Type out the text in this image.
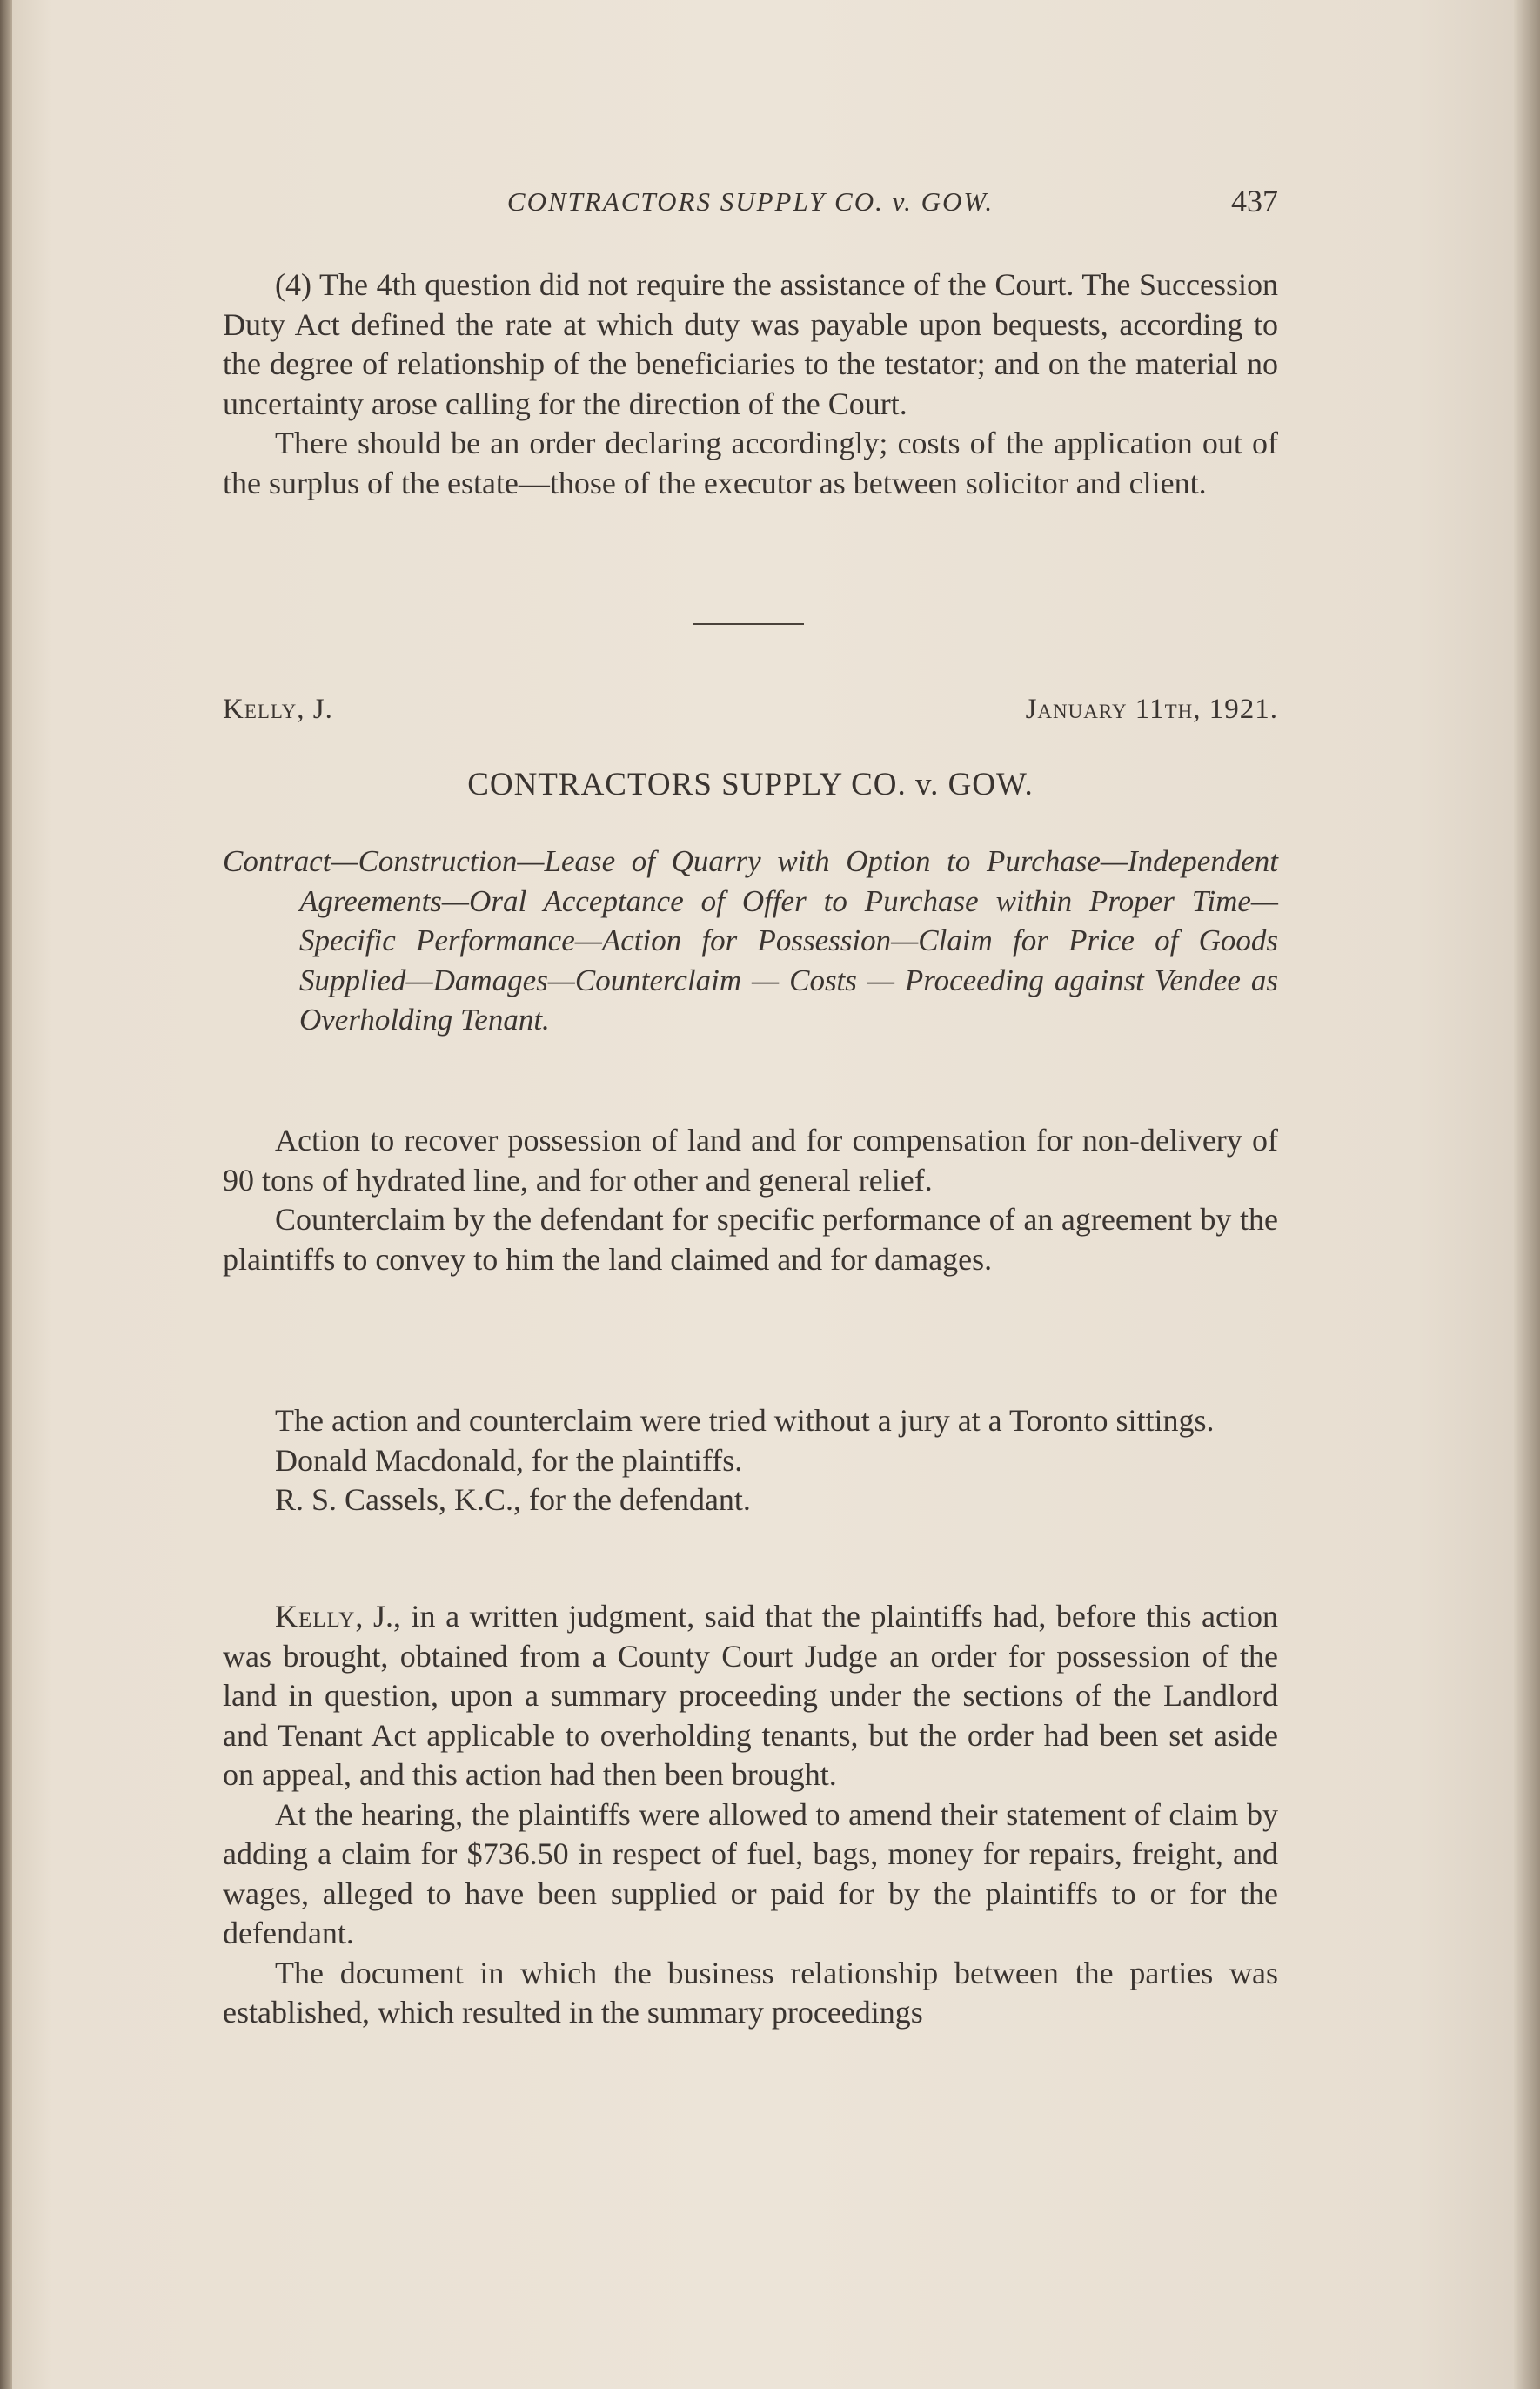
CONTRACTORS SUPPLY CO. v. GOW.	437

(4) The 4th question did not require the assistance of the Court. The Succession Duty Act defined the rate at which duty was payable upon bequests, according to the degree of relationship of the beneficiaries to the testator; and on the material no uncertainty arose calling for the direction of the Court.

There should be an order declaring accordingly; costs of the application out of the surplus of the estate—those of the executor as between solicitor and client.

Kelly, J.	January 11th, 1921.
CONTRACTORS SUPPLY CO. v. GOW.
Contract—Construction—Lease of Quarry with Option to Purchase—Independent Agreements—Oral Acceptance of Offer to Purchase within Proper Time—Specific Performance—Action for Possession—Claim for Price of Goods Supplied—Damages—Counterclaim — Costs — Proceeding against Vendee as Overholding Tenant.

Action to recover possession of land and for compensation for non-delivery of 90 tons of hydrated line, and for other and general relief.

Counterclaim by the defendant for specific performance of an agreement by the plaintiffs to convey to him the land claimed and for damages.

The action and counterclaim were tried without a jury at a Toronto sittings.

Donald Macdonald, for the plaintiffs.

R. S. Cassels, K.C., for the defendant.

Kelly, J., in a written judgment, said that the plaintiffs had, before this action was brought, obtained from a County Court Judge an order for possession of the land in question, upon a summary proceeding under the sections of the Landlord and Tenant Act applicable to overholding tenants, but the order had been set aside on appeal, and this action had then been brought.

At the hearing, the plaintiffs were allowed to amend their statement of claim by adding a claim for $736.50 in respect of fuel, bags, money for repairs, freight, and wages, alleged to have been supplied or paid for by the plaintiffs to or for the defendant.

The document in which the business relationship between the parties was established, which resulted in the summary proceedings
